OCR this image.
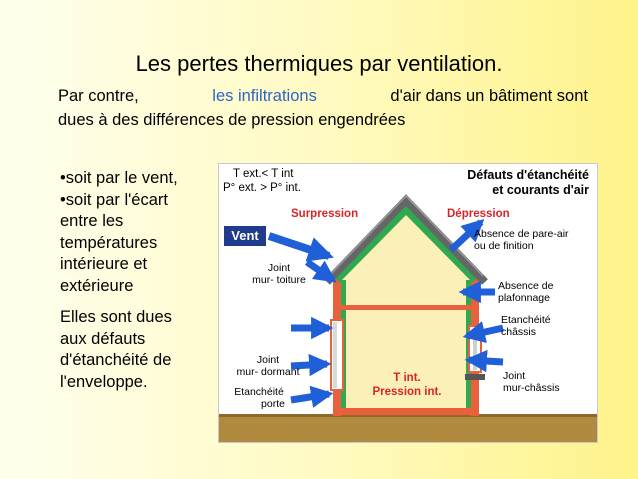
Les pertes thermiques par ventilation.
Par contre,	les infiltrations	d'air dans un bâtiment sont
dues à des différences de pression engendrées
•soit par le vent,
•soit par l'écart
entre les
températures
intérieure et
extérieure
Elles sont dues
aux défauts
d'étanchéité de
l'enveloppe.
T ext.< T int
P° ext. > P° int.
Défauts d'étanchéité
et courants d'air
Surpression	Dépression
Vent
Joint
mur- toiture
Joint
mur- dormant
Etanchéité
porte
T int.
Pression int.
Absence de pare-air
ou de finition
Absence de
plafonnage
Etanchéité
châssis
Joint
mur-châssis
